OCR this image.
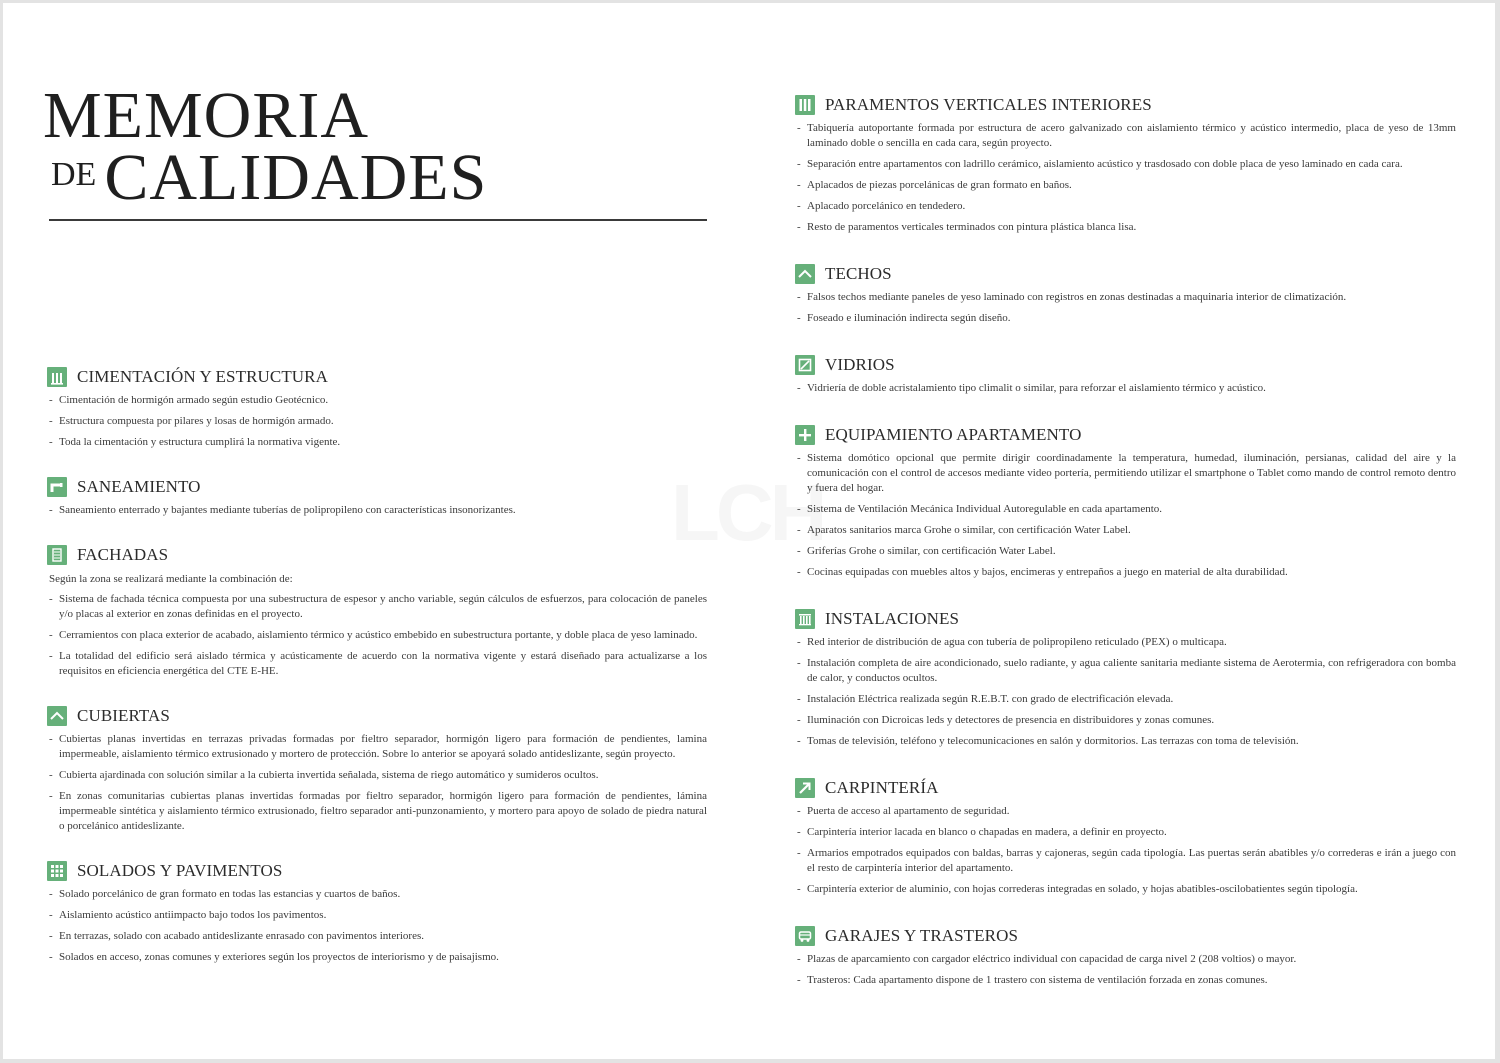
LCH
MEMORIA
DE CALIDADES
CIMENTACIÓN Y ESTRUCTURA
- Cimentación de hormigón armado según estudio Geotécnico.
- Estructura compuesta por pilares y losas de hormigón armado.
- Toda la cimentación y estructura cumplirá la normativa vigente.
SANEAMIENTO
- Saneamiento enterrado y bajantes mediante tuberías de polipropileno con características insonorizantes.
FACHADAS

Según la zona se realizará mediante la combinación de:

- Sistema de fachada técnica compuesta por una subestructura de espesor y ancho variable, según cálculos de esfuerzos, para colocación de paneles y/o placas al exterior en zonas definidas en el proyecto.
- Cerramientos con placa exterior de acabado, aislamiento térmico y acústico embebido en subestructura portante, y doble placa de yeso laminado.
- La totalidad del edificio será aislado térmica y acústicamente de acuerdo con la normativa vigente y estará diseñado para actualizarse a los requisitos en eficiencia energética del CTE E-HE.
CUBIERTAS
- Cubiertas planas invertidas en terrazas privadas formadas por fieltro separador, hormigón ligero para formación de pendientes, lamina impermeable, aislamiento térmico extrusionado y mortero de protección. Sobre lo anterior se apoyará solado antideslizante, según proyecto.
- Cubierta ajardinada con solución similar a la cubierta invertida señalada, sistema de riego automático y sumideros ocultos.
- En zonas comunitarias cubiertas planas invertidas formadas por fieltro separador, hormigón ligero para formación de pendientes, lámina impermeable sintética y aislamiento térmico extrusionado, fieltro separador anti-punzonamiento, y mortero para apoyo de solado de piedra natural o porcelánico antideslizante.
SOLADOS Y PAVIMENTOS
- Solado porcelánico de gran formato en todas las estancias y cuartos de baños.
- Aislamiento acústico antiimpacto bajo todos los pavimentos.
- En terrazas, solado con acabado antideslizante enrasado con pavimentos interiores.
- Solados en acceso, zonas comunes y exteriores según los proyectos de interiorismo y de paisajismo.
PARAMENTOS VERTICALES INTERIORES
- Tabiquería autoportante formada por estructura de acero galvanizado con aislamiento térmico y acústico intermedio, placa de yeso de 13mm laminado doble o sencilla en cada cara, según proyecto.
- Separación entre apartamentos con ladrillo cerámico, aislamiento acústico y trasdosado con doble placa de yeso laminado en cada cara.
- Aplacados de piezas porcelánicas de gran formato en baños.
- Aplacado porcelánico en tendedero.
- Resto de paramentos verticales terminados con pintura plástica blanca lisa.
TECHOS
- Falsos techos mediante paneles de yeso laminado con registros en zonas destinadas a maquinaria interior de climatización.
- Foseado e iluminación indirecta según diseño.
VIDRIOS
- Vidriería de doble acristalamiento tipo climalit o similar, para reforzar el aislamiento térmico y acústico.
EQUIPAMIENTO APARTAMENTO
- Sistema domótico opcional que permite dirigir coordinadamente la temperatura, humedad, iluminación, persianas, calidad del aire y la comunicación con el control de accesos mediante video portería, permitiendo utilizar el smartphone o Tablet como mando de control remoto dentro y fuera del hogar.
- Sistema de Ventilación Mecánica Individual Autoregulable en cada apartamento.
- Aparatos sanitarios marca Grohe o similar, con certificación Water Label.
- Griferías Grohe o similar, con certificación Water Label.
- Cocinas equipadas con muebles altos y bajos, encimeras y entrepaños a juego en material de alta durabilidad.
INSTALACIONES
- Red interior de distribución de agua con tubería de polipropileno reticulado (PEX) o multicapa.
- Instalación completa de aire acondicionado, suelo radiante, y agua caliente sanitaria mediante sistema de Aerotermia, con refrigeradora con bomba de calor, y conductos ocultos.
- Instalación Eléctrica realizada según R.E.B.T. con grado de electrificación elevada.
- Iluminación con Dicroicas leds y detectores de presencia en distribuidores y zonas comunes.
- Tomas de televisión, teléfono y telecomunicaciones en salón y dormitorios. Las terrazas con toma de televisión.
CARPINTERÍA
- Puerta de acceso al apartamento de seguridad.
- Carpintería interior lacada en blanco o chapadas en madera, a definir en proyecto.
- Armarios empotrados equipados con baldas, barras y cajoneras, según cada tipología. Las puertas serán abatibles y/o correderas e irán a juego con el resto de carpintería interior del apartamento.
- Carpintería exterior de aluminio, con hojas correderas integradas en solado, y hojas abatibles-oscilobatientes según tipología.
GARAJES Y TRASTEROS
- Plazas de aparcamiento con cargador eléctrico individual con capacidad de carga nivel 2 (208 voltios) o mayor.
- Trasteros: Cada apartamento dispone de 1 trastero con sistema de ventilación forzada en zonas comunes.
